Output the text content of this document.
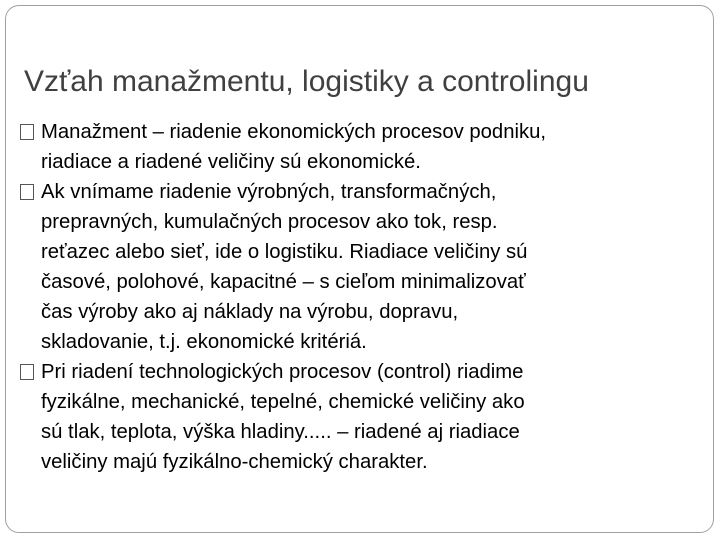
Vzťah manažmentu, logistiky a controlingu
Manažment – riadenie ekonomických procesov podniku,
riadiace a riadené veličiny sú ekonomické.
Ak vnímame riadenie výrobných, transformačných,
prepravných, kumulačných procesov ako tok, resp.
reťazec alebo sieť, ide o logistiku. Riadiace veličiny sú
časové, polohové, kapacitné – s cieľom minimalizovať
čas výroby ako aj náklady na výrobu, dopravu,
skladovanie, t.j. ekonomické kritériá.
Pri riadení technologických procesov (control) riadime
fyzikálne, mechanické, tepelné, chemické veličiny ako
sú tlak, teplota, výška hladiny..... – riadené aj riadiace
veličiny majú fyzikálno-chemický charakter.
